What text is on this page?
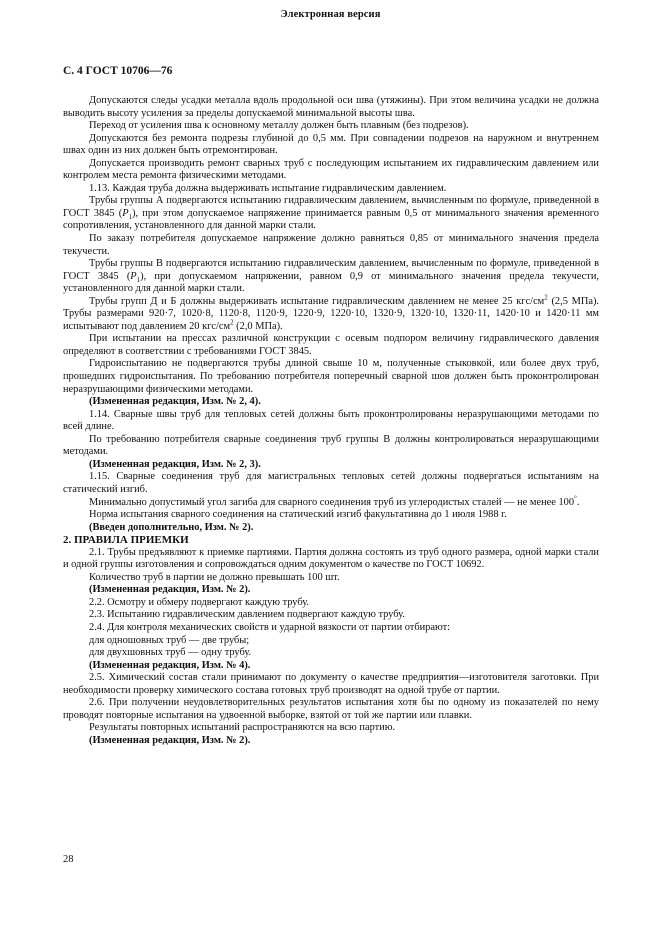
Электронная версия
С. 4 ГОСТ 10706—76

Допускаются следы усадки металла вдоль продольной оси шва (утяжины). При этом величина усадки не должна выводить высоту усиления за пределы допускаемой минимальной высоты шва.

Переход от усиления шва к основному металлу должен быть плавным (без подрезов).

Допускаются без ремонта подрезы глубиной до 0,5 мм. При совпадении подрезов на наружном и внутреннем швах один из них должен быть отремонтирован.

Допускается производить ремонт сварных труб с последующим испытанием их гидравлическим давлением или контролем места ремонта физическими методами.

1.13. Каждая труба должна выдерживать испытание гидравлическим давлением.

Трубы группы А подвергаются испытанию гидравлическим давлением, вычисленным по формуле, приведенной в ГОСТ 3845 $(P_1)$, при этом допускаемое напряжение принимается равным 0,5 от минимального значения временного сопротивления, установленного для данной марки стали.

По заказу потребителя допускаемое напряжение должно равняться 0,85 от минимального значения предела текучести.

Трубы группы В подвергаются испытанию гидравлическим давлением, вычисленным по формуле, приведенной в ГОСТ 3845 $(P_1)$, при допускаемом напряжении, равном 0,9 от минимального значения предела текучести, установленного для данной марки стали.

Трубы групп Д и Б должны выдерживать испытание гидравлическим давлением не менее 25 кгс/$см^2$ (2,5 МПа). Трубы размерами 920·7, 1020·8, 1120·8, 1120·9, 1220·9, 1220·10, 1320·9, 1320·10, 1320·11, 1420·10 и 1420·11 мм испытывают под давлением 20 кгс/$см^2$ (2,0 МПа).

При испытании на прессах различной конструкции с осевым подпором величину гидравлического давления определяют в соответствии с требованиями ГОСТ 3845.

Гидроиспытанию не подвергаются трубы длиной свыше 10 м, полученные стыковкой, или более двух труб, прошедших гидроиспытания. По требованию потребителя поперечный сварной шов должен быть проконтролирован неразрушающими физическими методами.

(Измененная редакция, Изм. № 2, 4).

1.14. Сварные швы труб для тепловых сетей должны быть проконтролированы неразрушающими методами по всей длине.

По требованию потребителя сварные соединения труб группы В должны контролироваться неразрушающими методами.

(Измененная редакция, Изм. № 2, 3).

1.15. Сварные соединения труб для магистральных тепловых сетей должны подвергаться испытаниям на статический изгиб.

Минимально допустимый угол загиба для сварного соединения труб из углеродистых сталей — не менее 100°.

Норма испытания сварного соединения на статический изгиб факультативна до 1 июля 1988 г.

(Введен дополнительно, Изм. № 2).

2. ПРАВИЛА ПРИЕМКИ

2.1. Трубы предъявляют к приемке партиями. Партия должна состоять из труб одного размера, одной марки стали и одной группы изготовления и сопровождаться одним документом о качестве по ГОСТ 10692.

Количество труб в партии не должно превышать 100 шт.

(Измененная редакция, Изм. № 2).

2.2. Осмотру и обмеру подвергают каждую трубу.

2.3. Испытанию гидравлическим давлением подвергают каждую трубу.

2.4. Для контроля механических свойств и ударной вязкости от партии отбирают:

для одношовных труб — две трубы;

для двухшовных труб — одну трубу.

(Измененная редакция, Изм. № 4).

2.5. Химический состав стали принимают по документу о качестве предприятия—изготовителя заготовки. При необходимости проверку химического состава готовых труб производят на одной трубе от партии.

2.6. При получении неудовлетворительных результатов испытания хотя бы по одному из показателей по нему проводят повторные испытания на удвоенной выборке, взятой от той же партии или плавки.

Результаты повторных испытаний распространяются на всю партию.

(Измененная редакция, Изм. № 2).

28
